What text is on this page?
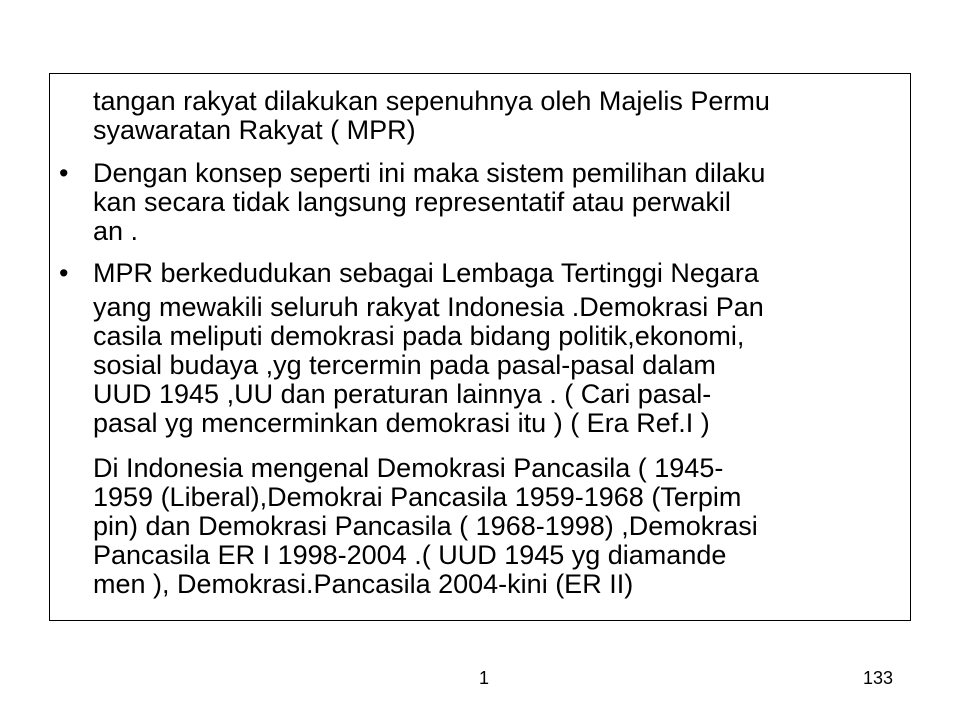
tangan rakyat dilakukan sepenuhnya oleh Majelis Permu
syawaratan Rakyat ( MPR)
• Dengan konsep seperti ini maka sistem pemilihan dilaku
kan secara tidak langsung representatif atau perwakil
an .
• MPR berkedudukan sebagai Lembaga Tertinggi Negara
yang mewakili seluruh rakyat Indonesia .Demokrasi Pan
casila meliputi demokrasi pada bidang politik,ekonomi,
sosial budaya ,yg tercermin pada pasal-pasal dalam
UUD 1945 ,UU dan peraturan lainnya . ( Cari pasal-
pasal yg mencerminkan demokrasi itu ) ( Era Ref.I )
Di Indonesia mengenal Demokrasi Pancasila ( 1945-
1959 (Liberal),Demokrai Pancasila 1959-1968 (Terpim
pin) dan Demokrasi Pancasila ( 1968-1998) ,Demokrasi
Pancasila ER I 1998-2004 .( UUD 1945 yg diamande
men ), Demokrasi.Pancasila 2004-kini (ER II)
1	133
